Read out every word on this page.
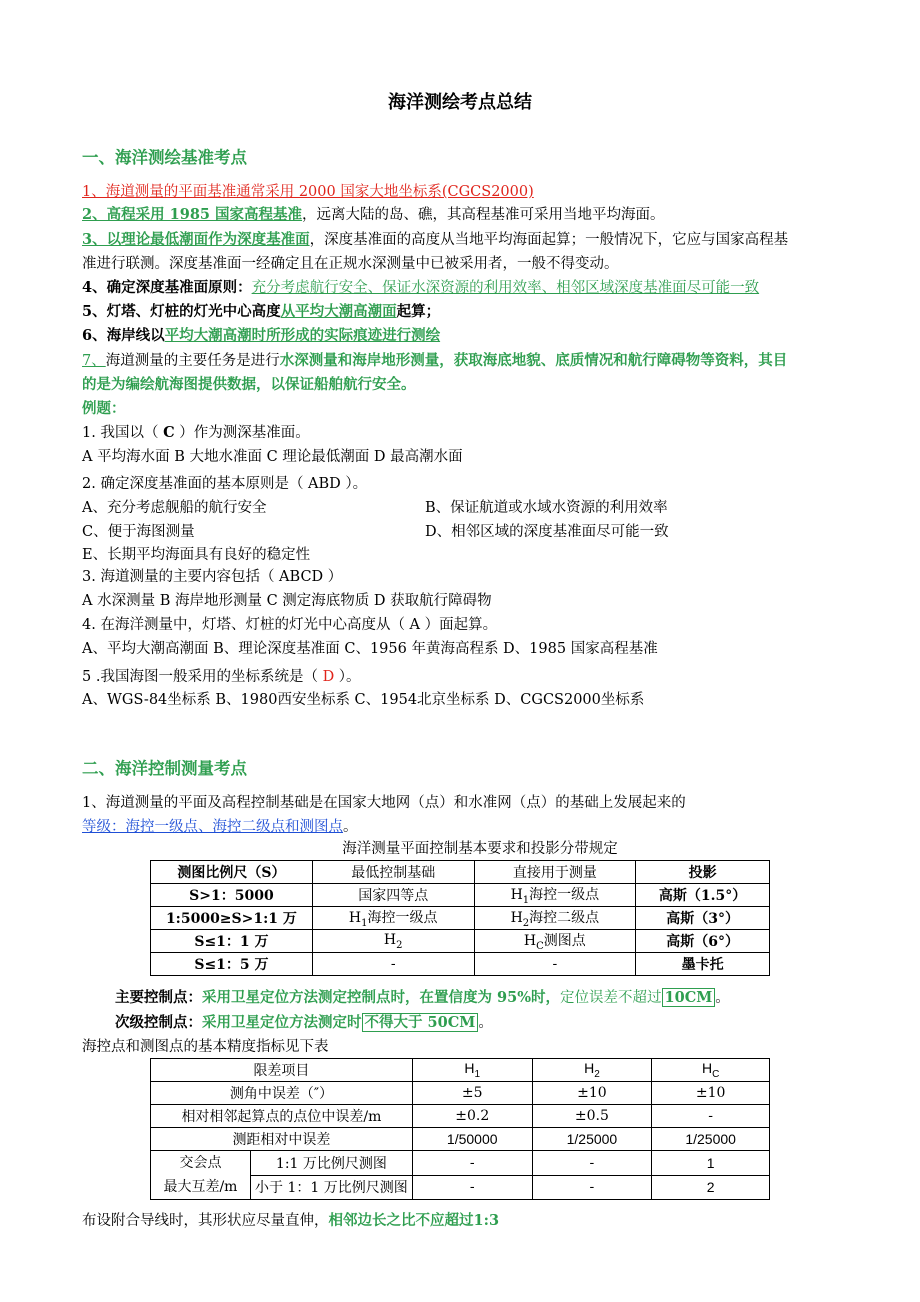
海洋测绘考点总结
一、海洋测绘基准考点
1、海道测量的平面基准通常采用 2000 国家大地坐标系(CGCS2000)
2、高程采用 1985 国家高程基准，远离大陆的岛、礁，其高程基准可采用当地平均海面。
3、以理论最低潮面作为深度基准面，深度基准面的高度从当地平均海面起算；一般情况下，它应与国家高程基
准进行联测。深度基准面一经确定且在正规水深测量中已被采用者，一般不得变动。
4、确定深度基准面原则：充分考虑航行安全、保证水深资源的利用效率、相邻区域深度基准面尽可能一致
5、灯塔、灯桩的灯光中心高度从平均大潮高潮面起算；
6、海岸线以平均大潮高潮时所形成的实际痕迹进行测绘
7、海道测量的主要任务是进行水深测量和海岸地形测量，获取海底地貌、底质情况和航行障碍物等资料，其目
的是为编绘航海图提供数据，以保证船舶航行安全。
例题：
1. 我国以（ C ）作为测深基准面。
A 平均海水面 B 大地水准面 C 理论最低潮面 D 最高潮水面
2. 确定深度基准面的基本原则是（ ABD ）。
A、充分考虑舰船的航行安全	B、保证航道或水域水资源的利用效率
C、便于海图测量	D、相邻区域的深度基准面尽可能一致
E、长期平均海面具有良好的稳定性
3. 海道测量的主要内容包括（ ABCD ）
A 水深测量 B 海岸地形测量 C 测定海底物质 D 获取航行障碍物
4. 在海洋测量中，灯塔、灯桩的灯光中心高度从（ A ）面起算。
A、平均大潮高潮面 B、理论深度基准面 C、1956 年黄海高程系 D、1985 国家高程基准
5 .我国海图一般采用的坐标系统是（ D ）。
A、WGS-84坐标系 B、1980西安坐标系 C、1954北京坐标系 D、CGCS2000坐标系
二、海洋控制测量考点
1、海道测量的平面及高程控制基础是在国家大地网（点）和水准网（点）的基础上发展起来的
等级：海控一级点、海控二级点和测图点。
海洋测量平面控制基本要求和投影分带规定
测图比例尺（S）	最低控制基础	直接用于测量	投影
S>1：5000	国家四等点	$H_1$海控一级点	高斯（1.5°）
1:5000≥S>1:1 万	$H_1$海控一级点	$H_2$海控二级点	高斯（3°）
S≤1：1 万	$H_2$	$H_C$测图点	高斯（6°）
S≤1：5 万	-	-	墨卡托
主要控制点：采用卫星定位方法测定控制点时，在置信度为 95%时，定位误差不超过 10CM 。
次级控制点：采用卫星定位方法测定时 不得大于 50CM 。
海控点和测图点的基本精度指标见下表
限差项目		$H_1$	$H_2$	$H_C$
测角中误差（″）		±5	±10	±10
相对相邻起算点的点位中误差/m		±0.2	±0.5	-
测距相对中误差		1/50000	1/25000	1/25000

交会点
最大互差/m	1:1 万比例尺测图	-	-	1
	小于 1：1 万比例尺测图	-	-	2
布设附合导线时，其形状应尽量直伸，相邻边长之比不应超过1:3
